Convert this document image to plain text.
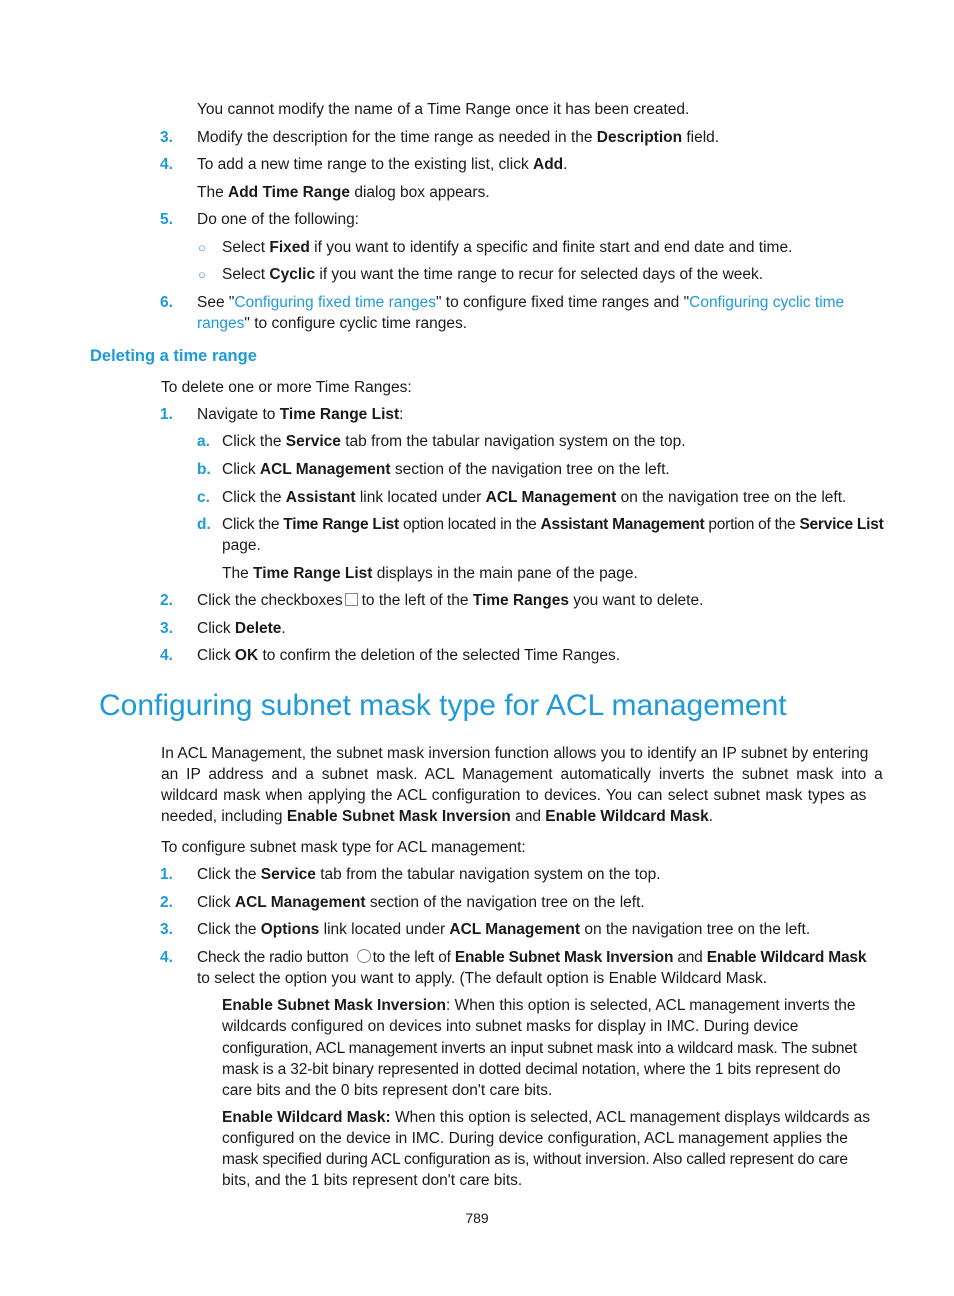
You cannot modify the name of a Time Range once it has been created.
3. Modify the description for the time range as needed in the Description field.
4. To add a new time range to the existing list, click Add.
The Add Time Range dialog box appears.
5. Do one of the following:
○ Select Fixed if you want to identify a specific and finite start and end date and time.
○ Select Cyclic if you want the time range to recur for selected days of the week.
6. See "Configuring fixed time ranges" to configure fixed time ranges and "Configuring cyclic time
ranges" to configure cyclic time ranges.
Deleting a time range
To delete one or more Time Ranges:
1. Navigate to Time Range List:
a. Click the Service tab from the tabular navigation system on the top.
b. Click ACL Management section of the navigation tree on the left.
c. Click the Assistant link located under ACL Management on the navigation tree on the left.
d. Click the Time Range List option located in the Assistant Management portion of the Service List
page.
The Time Range List displays in the main pane of the page.
2. Click the checkboxes to the left of the Time Ranges you want to delete.
3. Click Delete.
4. Click OK to confirm the deletion of the selected Time Ranges.
Configuring subnet mask type for ACL management
In ACL Management, the subnet mask inversion function allows you to identify an IP subnet by entering
an IP address and a subnet mask. ACL Management automatically inverts the subnet mask into a
wildcard mask when applying the ACL configuration to devices. You can select subnet mask types as
needed, including Enable Subnet Mask Inversion and Enable Wildcard Mask.
To configure subnet mask type for ACL management:
1. Click the Service tab from the tabular navigation system on the top.
2. Click ACL Management section of the navigation tree on the left.
3. Click the Options link located under ACL Management on the navigation tree on the left.
4. Check the radio button to the left of Enable Subnet Mask Inversion and Enable Wildcard Mask
to select the option you want to apply. (The default option is Enable Wildcard Mask.
Enable Subnet Mask Inversion: When this option is selected, ACL management inverts the
wildcards configured on devices into subnet masks for display in IMC. During device
configuration, ACL management inverts an input subnet mask into a wildcard mask. The subnet
mask is a 32-bit binary represented in dotted decimal notation, where the 1 bits represent do
care bits and the 0 bits represent don't care bits.
Enable Wildcard Mask: When this option is selected, ACL management displays wildcards as
configured on the device in IMC. During device configuration, ACL management applies the
mask specified during ACL configuration as is, without inversion. Also called represent do care
bits, and the 1 bits represent don't care bits.
789
